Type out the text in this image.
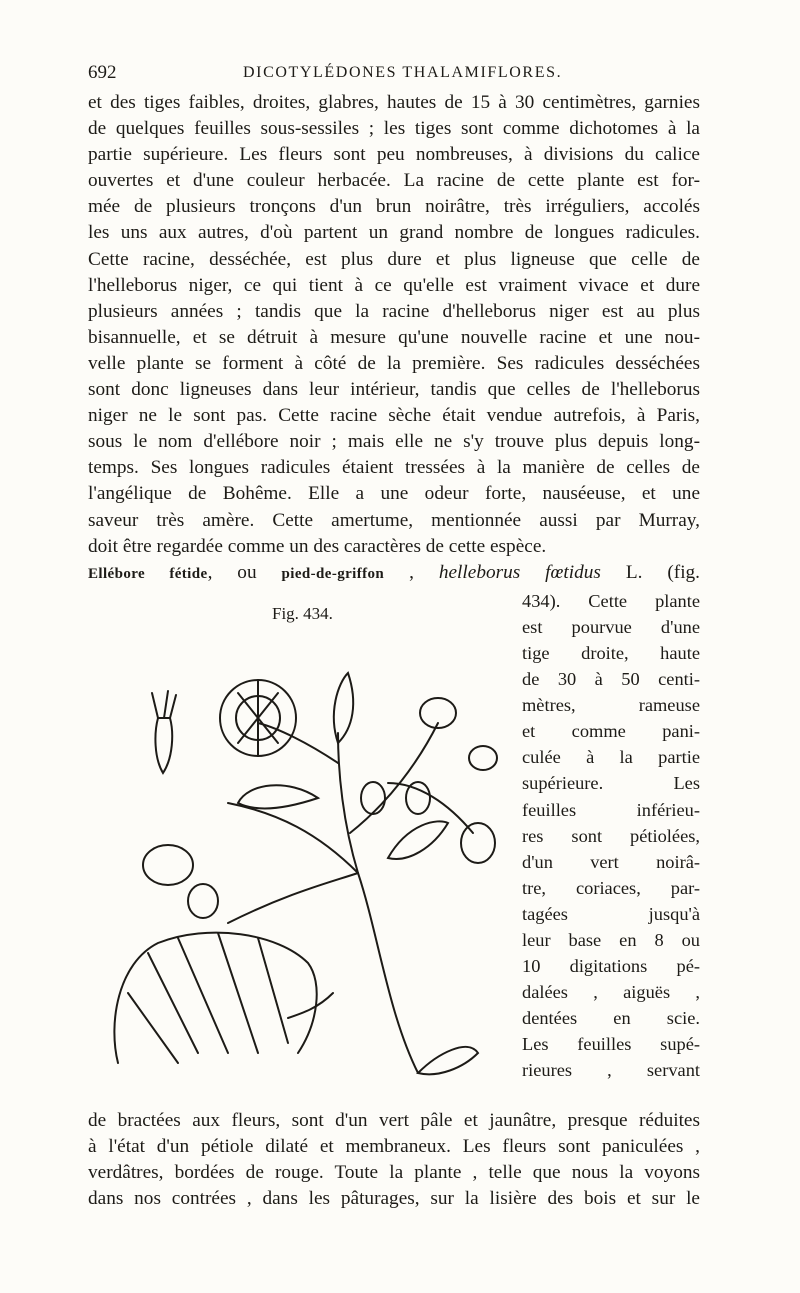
692	DICOTYLÉDONES THALAMIFLORES.
et des tiges faibles, droites, glabres, hautes de 15 à 30 centimètres, garnies
de quelques feuilles sous-sessiles ; les tiges sont comme dichotomes à la
partie supérieure. Les fleurs sont peu nombreuses, à divisions du calice
ouvertes et d'une couleur herbacée. La racine de cette plante est for-
mée de plusieurs tronçons d'un brun noirâtre, très irréguliers, accolés
les uns aux autres, d'où partent un grand nombre de longues radicules.
Cette racine, desséchée, est plus dure et plus ligneuse que celle de
l'helleborus niger, ce qui tient à ce qu'elle est vraiment vivace et dure
plusieurs années ; tandis que la racine d'helleborus niger est au plus
bisannuelle, et se détruit à mesure qu'une nouvelle racine et une nou-
velle plante se forment à côté de la première. Ses radicules desséchées
sont donc ligneuses dans leur intérieur, tandis que celles de l'helleborus
niger ne le sont pas. Cette racine sèche était vendue autrefois, à Paris,
sous le nom d'ellébore noir ; mais elle ne s'y trouve plus depuis long-
temps. Ses longues radicules étaient tressées à la manière de celles de
l'angélique de Bohême. Elle a une odeur forte, nauséeuse, et une
saveur très amère. Cette amertume, mentionnée aussi par Murray,
doit être regardée comme un des caractères de cette espèce.
Ellébore fétide, ou pied-de-griffon , helleborus fœtidus L. (fig.
Fig. 434.
434). Cette plante
est pourvue d'une
tige droite, haute
de 30 à 50 centi-
mètres, rameuse
et comme pani-
culée à la partie
supérieure. Les
feuilles inférieu-
res sont pétiolées,
d'un vert noirâ-
tre, coriaces, par-
tagées jusqu'à
leur base en 8 ou
10 digitations pé-
dalées , aiguës ,
dentées en scie.
Les feuilles supé-
rieures , servant
de bractées aux fleurs, sont d'un vert pâle et jaunâtre, presque réduites
à l'état d'un pétiole dilaté et membraneux. Les fleurs sont paniculées ,
verdâtres, bordées de rouge. Toute la plante , telle que nous la voyons
dans nos contrées , dans les pâturages, sur la lisière des bois et sur le
